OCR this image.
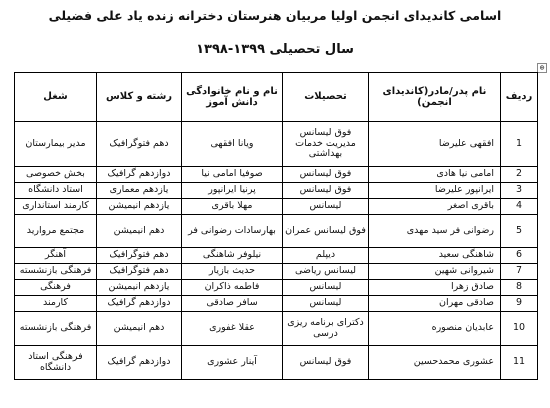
اسامی کاندیدای انجمن اولیا مربیان هنرستان دخترانه زنده یاد علی فضیلی
سال تحصیلی ۱۳۹۹-۱۳۹۸
⊕
ردیف	نام پدر/مادر(کاندیدای انجمن)	تحصیلات	نام و نام خانوادگی دانش آموز	رشته و کلاس	شغل
1	افقهی علیرضا	فوق لیسانس مدیریت خدمات بهداشتی	ویانا افقهی	دهم فتوگرافیک	مدیر بیمارستان
2	امامی نیا هادی	فوق لیسانس	صوفیا امامی نیا	دوازدهم گرافیک	بخش خصوصی
3	ایرانپور علیرضا	فوق لیسانس	پرنیا ایرانپور	یازدهم معماری	استاد دانشگاه
4	باقری اصغر	لیسانس	مهلا باقری	یازدهم انیمیشن	کارمند استانداری
5	رضوانی فر سید مهدی	فوق لیسانس عمران	بهارسادات رضوانی فر	دهم انیمیشن	مجتمع مرواريد
6	شاهنگی سعید	دیپلم	نیلوفر شاهنگی	دهم فتوگرافیک	آهنگر
7	شیروانی شهین	لیسانس ریاضی	حدیث بازیار	دهم فتوگرافیک	فرهنگی بازنشسته
8	صادق زهرا	لیسانس	فاطمه ذاکران	یازدهم انیمیشن	فرهنگی
9	صادقی مهران	لیسانس	سافر صادقی	دوازدهم گرافیک	کارمند
10	عابدیان منصوره	دکترای برنامه ریزی درسی	عقلا غفوری	دهم انیمیشن	فرهنگی بازنشسته
11	عشوری محمدحسین	فوق لیسانس	آینار عشوری	دوازدهم گرافیک	فرهنگی استاد دانشگاه
